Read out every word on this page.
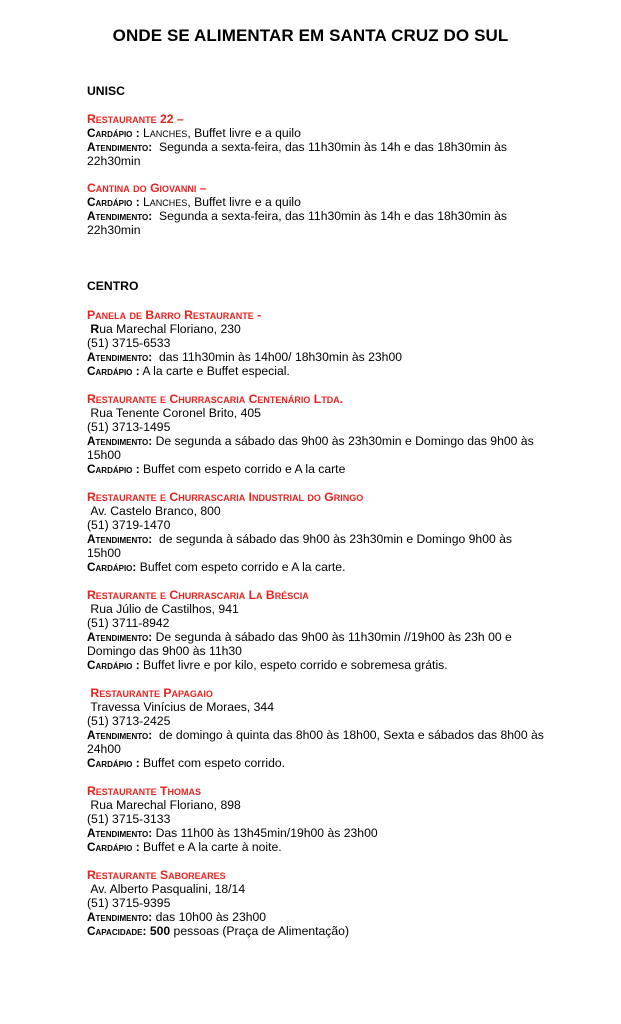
ONDE SE ALIMENTAR EM SANTA CRUZ DO SUL
UNISC
Restaurante 22 –
Cardápio : Lanches, Buffet livre e a quilo
Atendimento: Segunda a sexta-feira, das 11h30min às 14h e das 18h30min às 22h30min
Cantina do Giovanni –
Cardápio : Lanches, Buffet livre e a quilo
Atendimento: Segunda a sexta-feira, das 11h30min às 14h e das 18h30min às 22h30min
CENTRO
Panela de Barro Restaurante -
Rua Marechal Floriano, 230
(51) 3715-6533
Atendimento: das 11h30min às 14h00/ 18h30min às 23h00
Cardápio : A la carte e Buffet especial.
Restaurante e Churrascaria Centenário Ltda.
Rua Tenente Coronel Brito, 405
(51) 3713-1495
Atendimento: De segunda a sábado das 9h00 às 23h30min e Domingo das 9h00 às 15h00
Cardápio : Buffet com espeto corrido e A la carte
Restaurante e Churrascaria Industrial do Gringo
Av. Castelo Branco, 800
(51) 3719-1470
Atendimento: de segunda à sábado das 9h00 às 23h30min e Domingo 9h00 às 15h00
Cardápio: Buffet com espeto corrido e A la carte.
Restaurante e Churrascaria La Bréscia
Rua Júlio de Castilhos, 941
(51) 3711-8942
Atendimento: De segunda à sábado das 9h00 às 11h30min //19h00 às 23h 00 e Domingo das 9h00 às 11h30
Cardápio : Buffet livre e por kilo, espeto corrido e sobremesa grátis.
Restaurante Papagaio
Travessa Vinícius de Moraes, 344
(51) 3713-2425
Atendimento: de domingo à quinta das 8h00 às 18h00, Sexta e sábados das 8h00 às 24h00
Cardápio : Buffet com espeto corrido.
Restaurante Thomas
Rua Marechal Floriano, 898
(51) 3715-3133
Atendimento: Das 11h00 às 13h45min/19h00 às 23h00
Cardápio : Buffet e A la carte à noite.
Restaurante Saboreares
Av. Alberto Pasqualini, 18/14
(51) 3715-9395
Atendimento: das 10h00 às 23h00
Capacidade: 500 pessoas (Praça de Alimentação)
